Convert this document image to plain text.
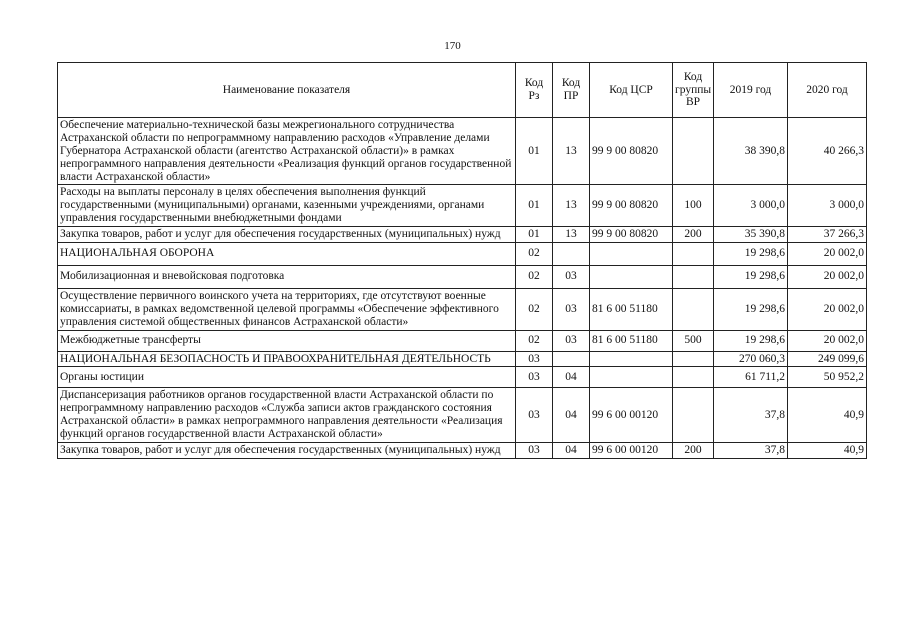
170
Наименование показателя	Код Рз	Код ПР	Код ЦСР	Код группы ВР	2019 год	2020 год
Обеспечение материально-технической базы межрегионального сотрудничества Астраханской области по непрограммному направлению расходов «Управление делами Губернатора Астраханской области (агентство Астраханской области)» в рамках непрограммного направления деятельности «Реализация функций органов государственной власти Астраханской области»	01	13	99 9 00 80820		38 390,8	40 266,3
Расходы на выплаты персоналу в целях обеспечения выполнения функций государственными (муниципальными) органами, казенными учреждениями, органами управления государственными внебюджетными фондами	01	13	99 9 00 80820	100	3 000,0	3 000,0
Закупка товаров, работ и услуг для обеспечения государственных (муниципальных) нужд	01	13	99 9 00 80820	200	35 390,8	37 266,3
НАЦИОНАЛЬНАЯ ОБОРОНА	02				19 298,6	20 002,0
Мобилизационная и вневойсковая подготовка	02	03			19 298,6	20 002,0
Осуществление первичного воинского учета на территориях, где отсутствуют военные комиссариаты, в рамках ведомственной целевой программы «Обеспечение эффективного управления системой общественных финансов Астраханской области»	02	03	81 6 00 51180		19 298,6	20 002,0
Межбюджетные трансферты	02	03	81 6 00 51180	500	19 298,6	20 002,0
НАЦИОНАЛЬНАЯ БЕЗОПАСНОСТЬ И ПРАВООХРАНИТЕЛЬНАЯ ДЕЯТЕЛЬНОСТЬ	03				270 060,3	249 099,6
Органы юстиции	03	04			61 711,2	50 952,2
Диспансеризация работников органов государственной власти Астраханской области по непрограммному направлению расходов «Служба записи актов гражданского состояния Астраханской области» в рамках непрограммного направления деятельности «Реализация функций органов государственной власти Астраханской области»	03	04	99 6 00 00120		37,8	40,9
Закупка товаров, работ и услуг для обеспечения государственных (муниципальных) нужд	03	04	99 6 00 00120	200	37,8	40,9
